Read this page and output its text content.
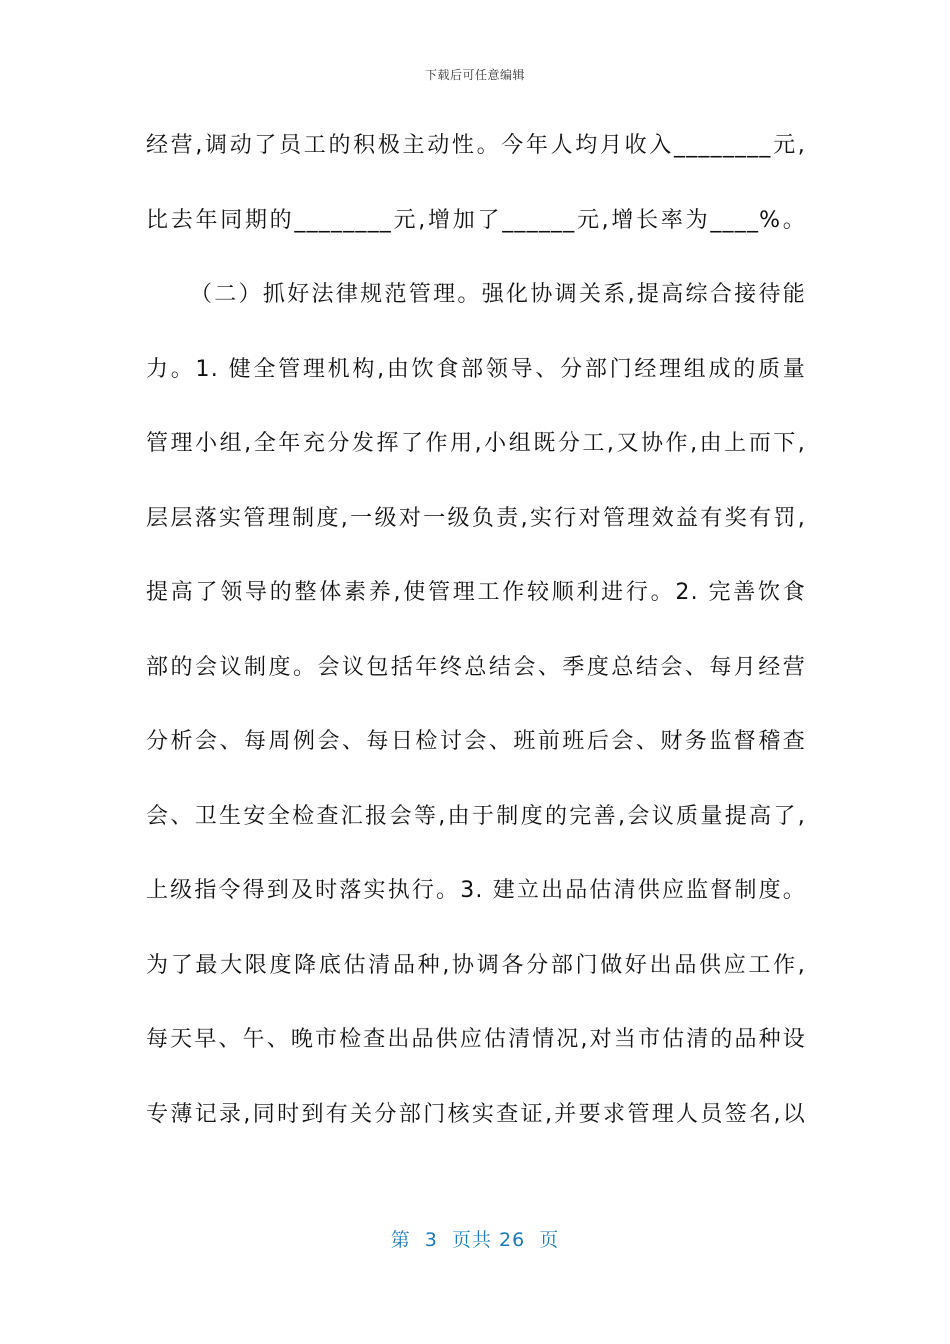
下载后可任意编辑
经营,调动了员工的积极主动性。今年人均月收入________元,
比去年同期的________元,增加了______元,增长率为____%。
（二）抓好法律规范管理。强化协调关系,提高综合接待能
力。1. 健全管理机构,由饮食部领导、分部门经理组成的质量
管理小组,全年充分发挥了作用,小组既分工,又协作,由上而下,
层层落实管理制度,一级对一级负责,实行对管理效益有奖有罚,
提高了领导的整体素养,使管理工作较顺利进行。2. 完善饮食
部的会议制度。会议包括年终总结会、季度总结会、每月经营
分析会、每周例会、每日检讨会、班前班后会、财务监督稽查
会、卫生安全检查汇报会等,由于制度的完善,会议质量提高了,
上级指令得到及时落实执行。3. 建立出品估清供应监督制度。
为了最大限度降底估清品种,协调各分部门做好出品供应工作,
每天早、午、晚市检查出品供应估清情况,对当市估清的品种设
专薄记录,同时到有关分部门核实查证,并要求管理人员签名,以
第  3  页共 26  页
